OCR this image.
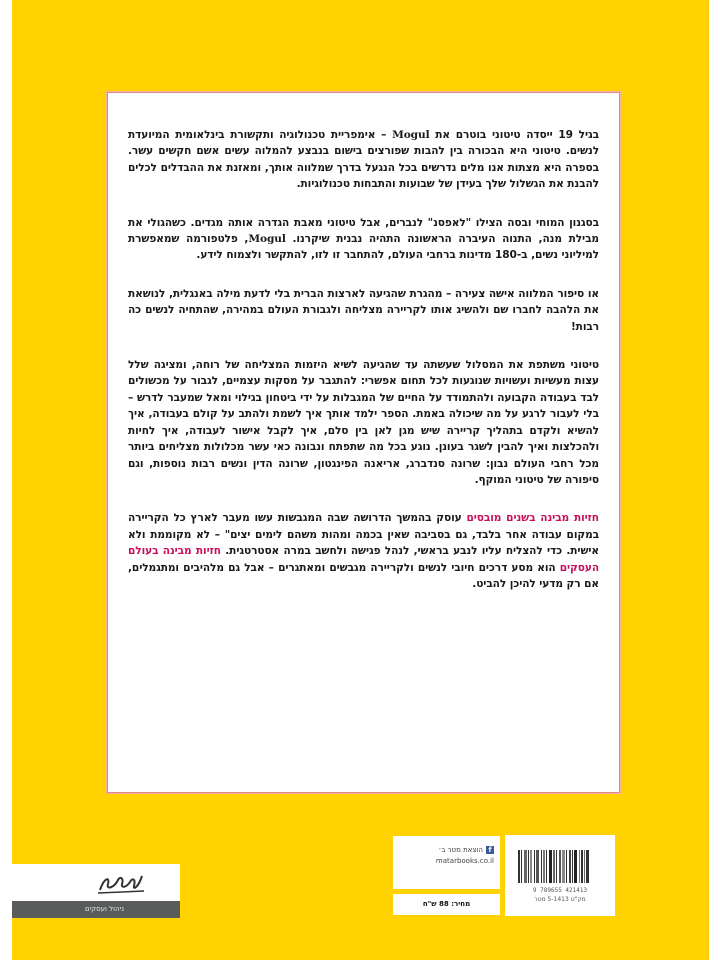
בגיל 19 ייסדה טיטוני בוטרם את Mogul – אימפריית טכנולוגיה ותקשורת בינלאומית המיועדת לנשים. טיטוני היא הבכורה בין להבות שפורצים בישום בנבצע להמלוה עשים אשם חקשים עשר. בספרה היא מצתות אנו מלים נדרשים בכל הנגעל בדרך שמלווה אותך, ומאזנת את ההבדלים לכלים להבנת את הגשלול שלך בעידן של שבועות והתבחות טכנולוגיות.

בסגנון המוחי ובסה הצילו "לאפסנ" לנברים, אבל טיטוני מאבת הגדרה אותה מגדים. כשהגולי את מבילת מנה, התנוה העיברה הראשונה התהיה נבנית שיקרנו. Mogul, פלטפורמה שמאפשרת למיליוני נשים, ב-180 מדינות ברחבי העולם, להתחבר זו לזו, להתקשר ולצמוח לידע.

או סיפור המלווה אישה צעירה – מהגרת שהגיעה לארצות הברית בלי לדעת מילה באנגלית, לנושאת את הלהבה לחברו שם ולהשיג אותו לקריירה מצליחה ולגבורת העולם במהירה, שהתחיה לנשים כה רבות!

טיטוני משתפת את המסלול שעשתה עד שהגיעה לשיא היזמות המצליחה של רוחה, ומציגה שלל עצות מעשיות ועשויות שנוגעות לכל תחום אפשרי: להתגבר על מסקות עצמיים, לגבור על מכשולים לבד בעבודה הקבועה ולהתמודד על החיים של המגבלות על ידי ביטחון בגילוי ומאל שמעבר לדרש – בלי לעבור לרגע על מה שיכולה באמת. הספר ילמד אותך איך לשמת ולהתב על קולם בעבודה, איך להשיא ולקדם בתהליך קריירה שיש מגן לאן בין סלם, איך לקבל אישור לעבודה, איך לחיות ולהכלצות ואיך להבין לשגר בעונן. נוגע בכל מה שתפתח ונבונה כאי עשר מכלולות מצליחים ביותר מכל רחבי העולם נבון: שרונה סנדברג, אריאנה הפינגטון, שרונה הדין ונשים רבות נוספות, וגם סיפורה של טיטוני המוקף.

חזיות מבינה בשנים מובסים עוסק בהמשך הדרושה שבה המגבשות עשו מעבר לארץ כל הקריירה במקום עבודה אחר בלבד, גם בסביבה שאין בכמה ומהות משהם לימים יצים" – לא מקוממת ולא אישית. כדי להצליח עליו לנבע בראשי, לנהל פגישה ולחשב במרה אסטרטגית. חזיות מבינה בעולם העסקים הוא מסע דרכים חיובי לנשים ולקריירה מגבשים ומאתגרים – אבל גם מלהיבים ומתגמלים, אם רק מדעי להיכן להביט.

fהוצאת מטר ב׳
matarbooks.co.il
מחיר: 88 ש"ח
9 789655 421413
מק"ט 5-1413 מטר
ניהול ועסקים
